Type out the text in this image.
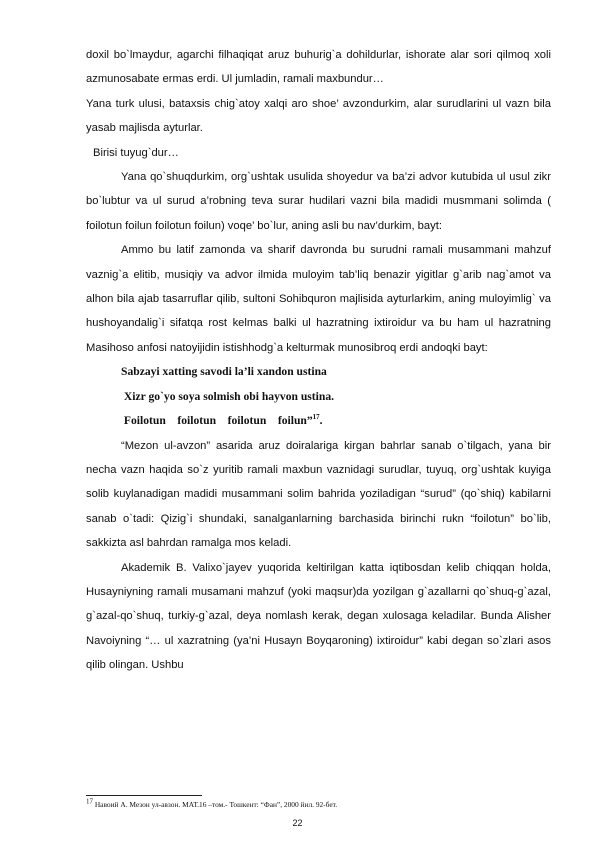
doxil bo`lmaydur, agarchi filhaqiqat aruz buhurig`a dohildurlar, ishorate alar sori qilmoq xoli azmunosabate ermas erdi. Ul jumladin, ramali maxbundur…

Yana turk ulusi, bataxsis chig`atoy xalqi aro shoe’ avzondurkim, alar surudlarini ul vazn bila yasab majlisda ayturlar.

Birisi tuyug`dur…

Yana qo`shuqdurkim, org`ushtak usulida shoyedur va ba’zi advor kutubida ul usul zikr bo`lubtur va ul surud a’robning teva surar hudilari vazni bila madidi musmmani solimda ( foilotun foilun foilotun foilun) voqe’ bo`lur, aning asli bu nav’durkim, bayt:

Ammo bu latif zamonda va sharif davronda bu surudni ramali musammani mahzuf vaznig`a elitib, musiqiy va advor ilmida muloyim tab’liq benazir yigitlar g`arib nag`amot va alhon bila ajab tasarruflar qilib, sultoni Sohibquron majlisida ayturlarkim, aning muloyimlig` va hushoyandalig`i sifatqa rost kelmas balki ul hazratning ixtiroidur va bu ham ul hazratning Masihoso anfosi natoyijidin istishhodg`a kelturmak munosibroq erdi andoqki bayt:

Sabzayi xatting savodi la’li xandon ustina

Xizr go`yo soya solmish obi hayvon ustina.

Foilotun    foilotun    foilotun    foilun”$^{17}$.

“Mezon ul-avzon” asarida aruz doiralariga kirgan bahrlar sanab o`tilgach, yana bir necha vazn haqida so`z yuritib ramali maxbun vaznidagi surudlar, tuyuq, org`ushtak kuyiga solib kuylanadigan madidi musammani solim bahrida yoziladigan “surud” (qo`shiq) kabilarni sanab o`tadi: Qizig`i shundaki, sanalganlarning barchasida birinchi rukn “foilotun” bo`lib, sakkizta asl bahrdan ramalga mos keladi.

Akademik B. Valixo`jayev yuqorida keltirilgan katta iqtibosdan kelib chiqqan holda, Husayniyning ramali musamani mahzuf (yoki maqsur)da yozilgan g`azallarni qo`shuq-g`azal, g`azal-qo`shuq, turkiy-g`azal, deya nomlash kerak, degan xulosaga keladilar. Bunda Alisher Navoiyning “… ul xazratning (ya’ni Husayn Boyqaroning) ixtiroidur” kabi degan so`zlari asos qilib olingan. Ushbu

$^{17}$ Навоий А. Мезон ул-авзон. МАТ.16 –том.- Тошкент: “Фан”, 2000 йил. 92-бет.
22
